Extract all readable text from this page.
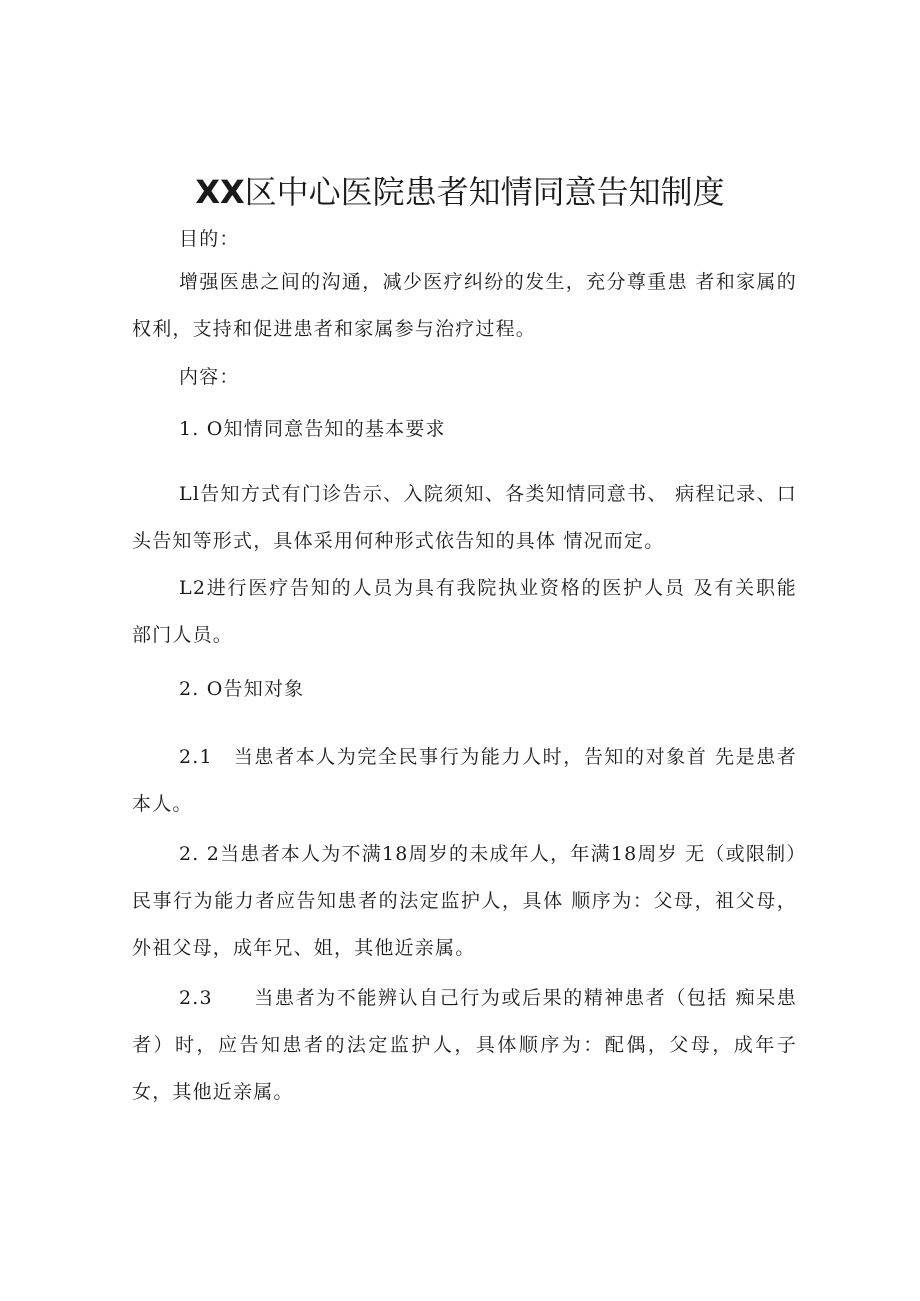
XX区中心医院患者知情同意告知制度

目的：

增强医患之间的沟通，减少医疗纠纷的发生，充分尊重患 者和家属的权利，支持和促进患者和家属参与治疗过程。

内容：

1. O知情同意告知的基本要求

Ll告知方式有门诊告示、入院须知、各类知情同意书、 病程记录、口头告知等形式，具体采用何种形式依告知的具体 情况而定。

L2进行医疗告知的人员为具有我院执业资格的医护人员 及有关职能部门人员。

2. O告知对象

2.1　当患者本人为完全民事行为能力人时，告知的对象首 先是患者本人。

2. 2当患者本人为不满18周岁的未成年人，年满18周岁 无（或限制）民事行为能力者应告知患者的法定监护人，具体 顺序为：父母，祖父母，外祖父母，成年兄、姐，其他近亲属。

2.3　　当患者为不能辨认自己行为或后果的精神患者（包括 痴呆患者）时，应告知患者的法定监护人，具体顺序为：配偶，父母，成年子女，其他近亲属。
